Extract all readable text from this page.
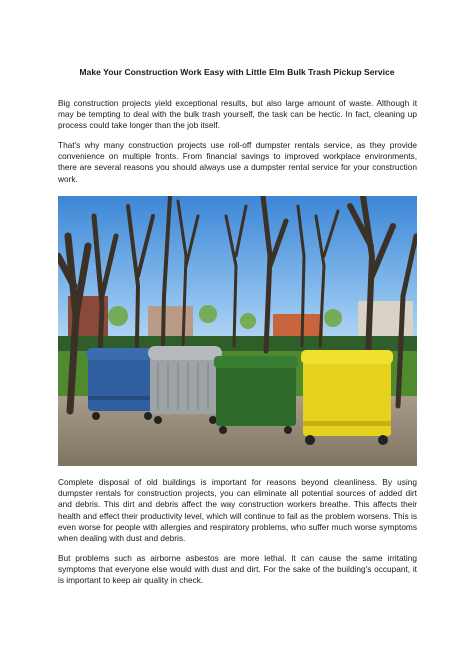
Make Your Construction Work Easy with Little Elm Bulk Trash Pickup Service

Big construction projects yield exceptional results, but also large amount of waste. Although it may be tempting to deal with the bulk trash yourself, the task can be hectic. In fact, cleaning up process could take longer than the job itself.

That's why many construction projects use roll-off dumpster rentals service, as they provide convenience on multiple fronts. From financial savings to improved workplace environments, there are several reasons you should always use a dumpster rental service for your construction work.

Complete disposal of old buildings is important for reasons beyond cleanliness. By using dumpster rentals for construction projects, you can eliminate all potential sources of added dirt and debris. This dirt and debris affect the way construction workers breathe. This affects their health and effect their productivity level, which will continue to fail as the problem worsens. This is even worse for people with allergies and respiratory problems, who suffer much worse symptoms when dealing with dust and debris.

But problems such as airborne asbestos are more lethal. It can cause the same irritating symptoms that everyone else would with dust and dirt. For the sake of the building's occupant, it is important to keep air quality in check.
